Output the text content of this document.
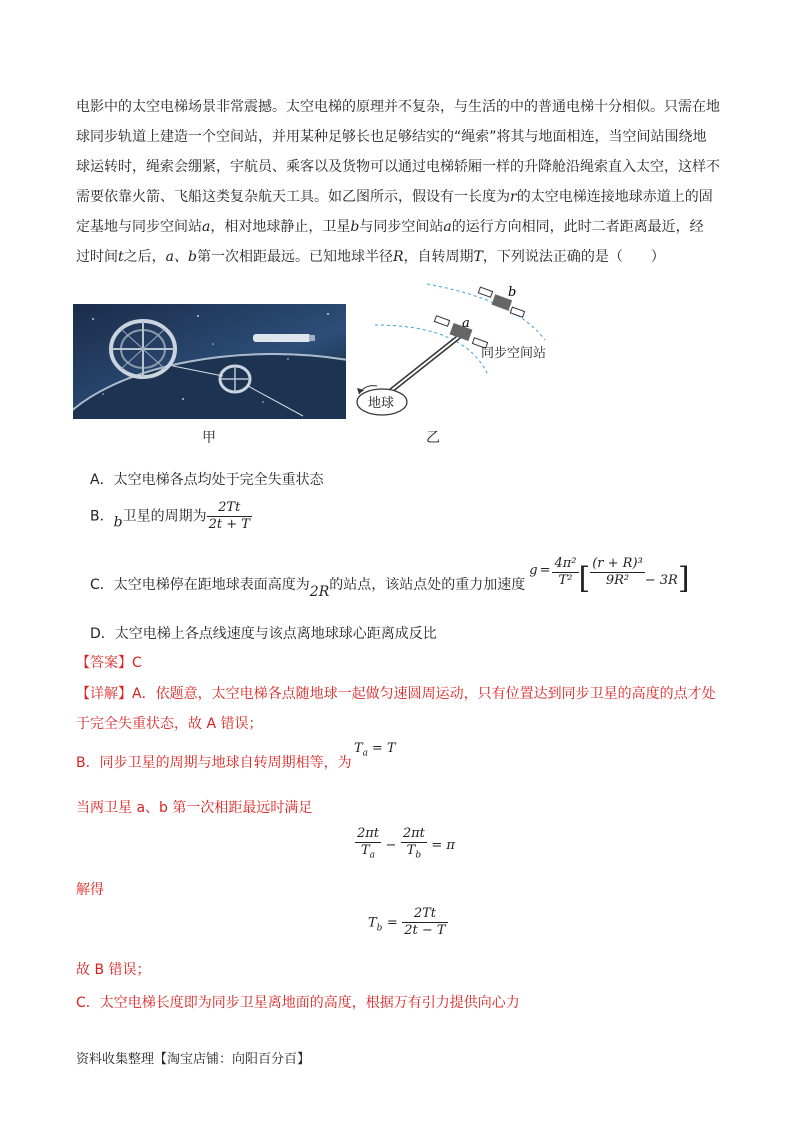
电影中的太空电梯场景非常震撼。太空电梯的原理并不复杂，与生活的中的普通电梯十分相似。只需在地
球同步轨道上建造一个空间站，并用某种足够长也足够结实的“绳索”将其与地面相连，当空间站围绕地
球运转时，绳索会绷紧，宇航员、乘客以及货物可以通过电梯轿厢一样的升降舱沿绳索直入太空，这样不
需要依靠火箭、飞船这类复杂航天工具。如乙图所示，假设有一长度为r的太空电梯连接地球赤道上的固
定基地与同步空间站a，相对地球静止，卫星b与同步空间站a的运行方向相同，此时二者距离最近，经
过时间t之后，a、b第一次相距最远。已知地球半径R，自转周期T，下列说法正确的是（　　）
甲
a
b
地球
同步空间站
乙
A．太空电梯各点均处于完全失重状态
B．b卫星的周期为 $\frac{2Tt}{2t + T}$
C．太空电梯停在距地球表面高度为2R的站点，该站点处的重力加速度$g = \frac{\text{4π²}}{\text{T²}}$ [ $\frac{\text{(r + R)³}}{\text{9R²}} - 3R$]
D．太空电梯上各点线速度与该点离地球球心距离成反比
【答案】C
【详解】A．依题意，太空电梯各点随地球一起做匀速圆周运动，只有位置达到同步卫星的高度的点才处
于完全失重状态，故 A 错误；
B．同步卫星的周期与地球自转周期相等，为
$T_a = T$
当两卫星 a、b 第一次相距最远时满足
$\frac{2\pi t}{T_a} - \frac{2\pi t}{T_b} = \pi$
解得
$T_b = \frac{2Tt}{2t - T}$
故 B 错误；
C．太空电梯长度即为同步卫星离地面的高度，根据万有引力提供向心力
资料收集整理【淘宝店铺：向阳百分百】
